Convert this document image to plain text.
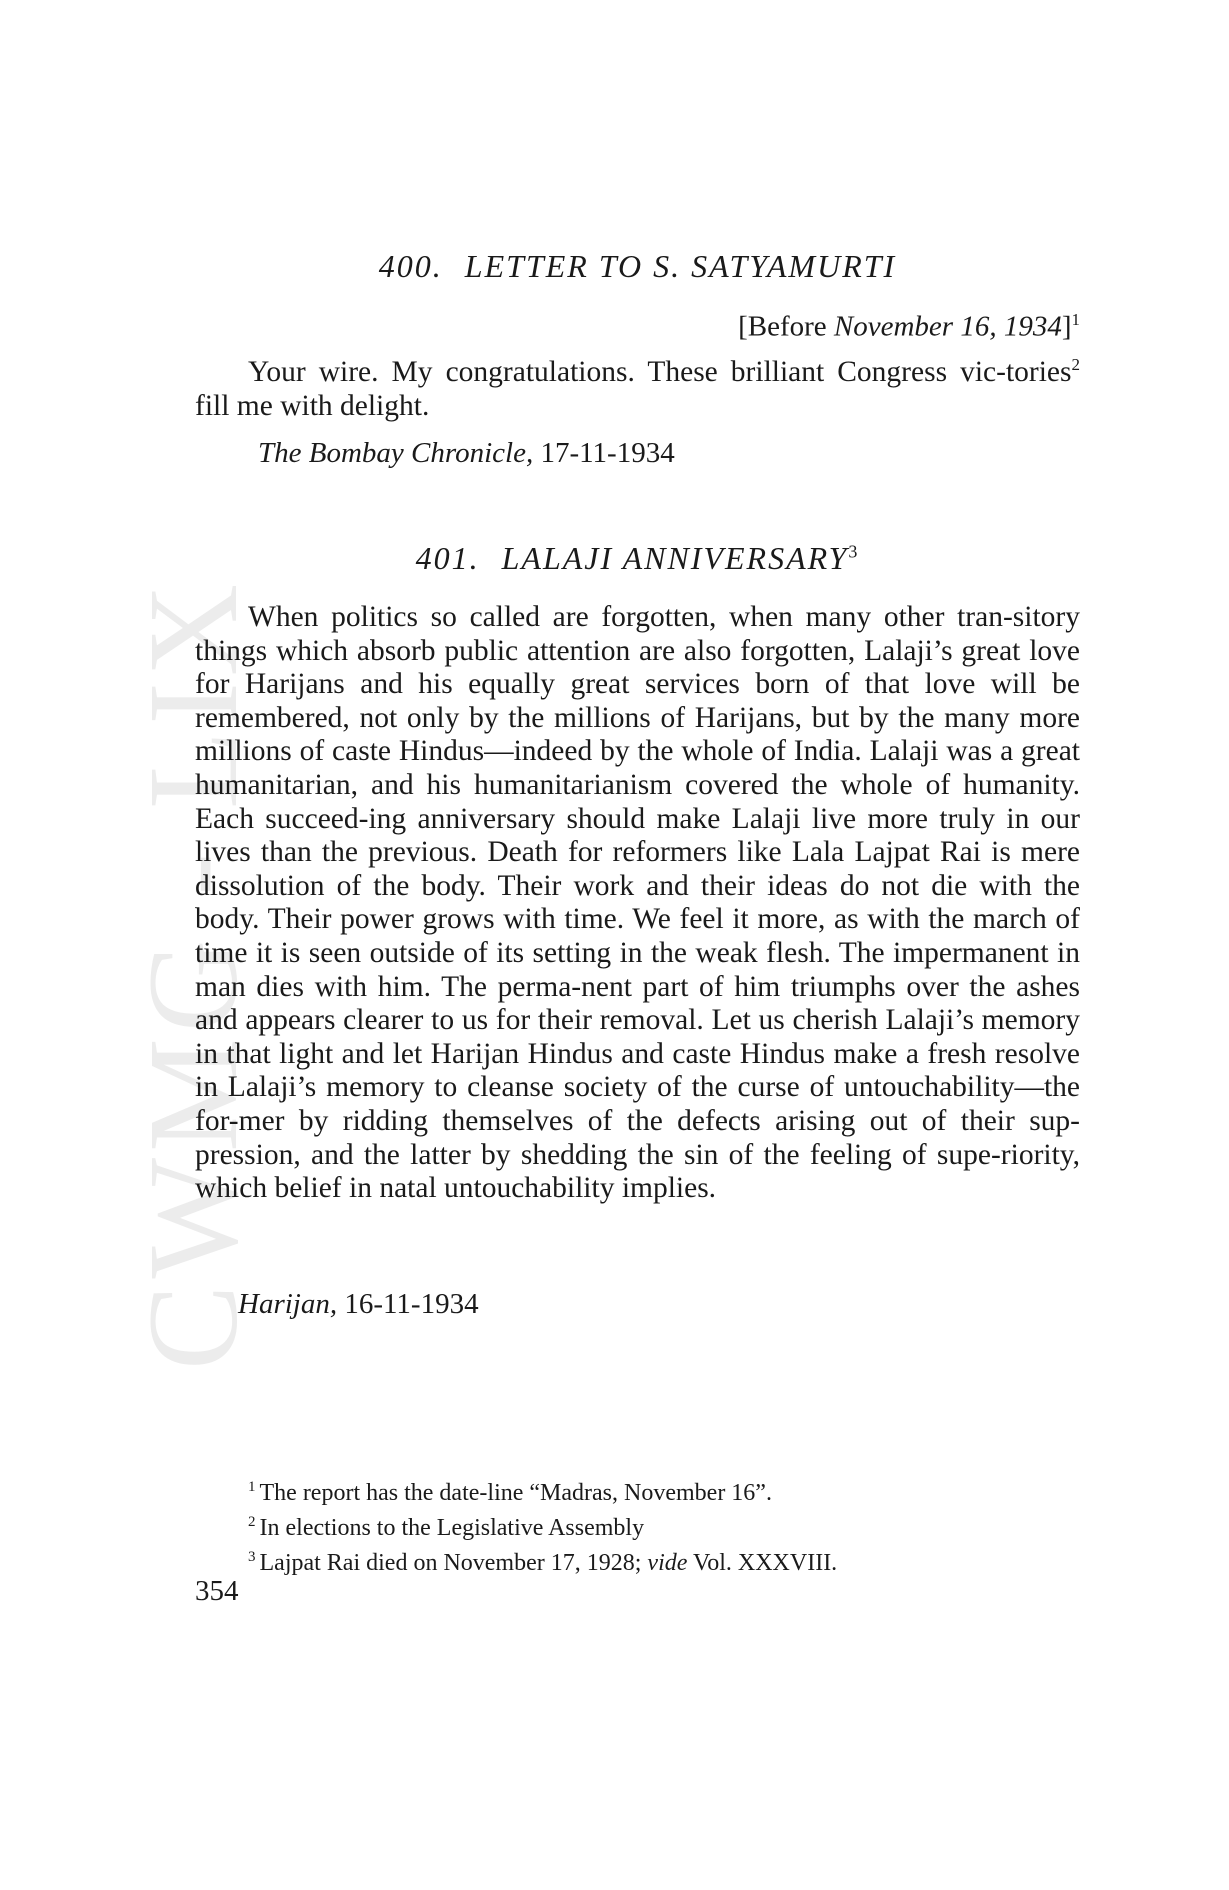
CWMG - LIX
400. LETTER TO S. SATYAMURTI
[Before November 16, 1934]$^1$

Your wire. My congratulations. These brilliant Congress vic-tories$^2$ fill me with delight.

The Bombay Chronicle, 17-11-1934
401. LALAJI ANNIVERSARY$^3$

When politics so called are forgotten, when many other tran-sitory things which absorb public attention are also forgotten, Lalaji’s great love for Harijans and his equally great services born of that love will be remembered, not only by the millions of Harijans, but by the many more millions of caste Hindus—indeed by the whole of India. Lalaji was a great humanitarian, and his humanitarianism covered the whole of humanity. Each succeed-ing anniversary should make Lalaji live more truly in our lives than the previous. Death for reformers like Lala Lajpat Rai is mere dissolution of the body. Their work and their ideas do not die with the body. Their power grows with time. We feel it more, as with the march of time it is seen outside of its setting in the weak flesh. The impermanent in man dies with him. The perma-nent part of him triumphs over the ashes and appears clearer to us for their removal. Let us cherish Lalaji’s memory in that light and let Harijan Hindus and caste Hindus make a fresh resolve in Lalaji’s memory to cleanse society of the curse of untouchability—the for-mer by ridding themselves of the defects arising out of their sup-pression, and the latter by shedding the sin of the feeling of supe-riority, which belief in natal untouchability implies.

Harijan, 16-11-1934
$^1$ The report has the date-line “Madras, November 16”.
$^2$ In elections to the Legislative Assembly
$^3$ Lajpat Rai died on November 17, 1928; vide Vol. XXXVIII.
354
